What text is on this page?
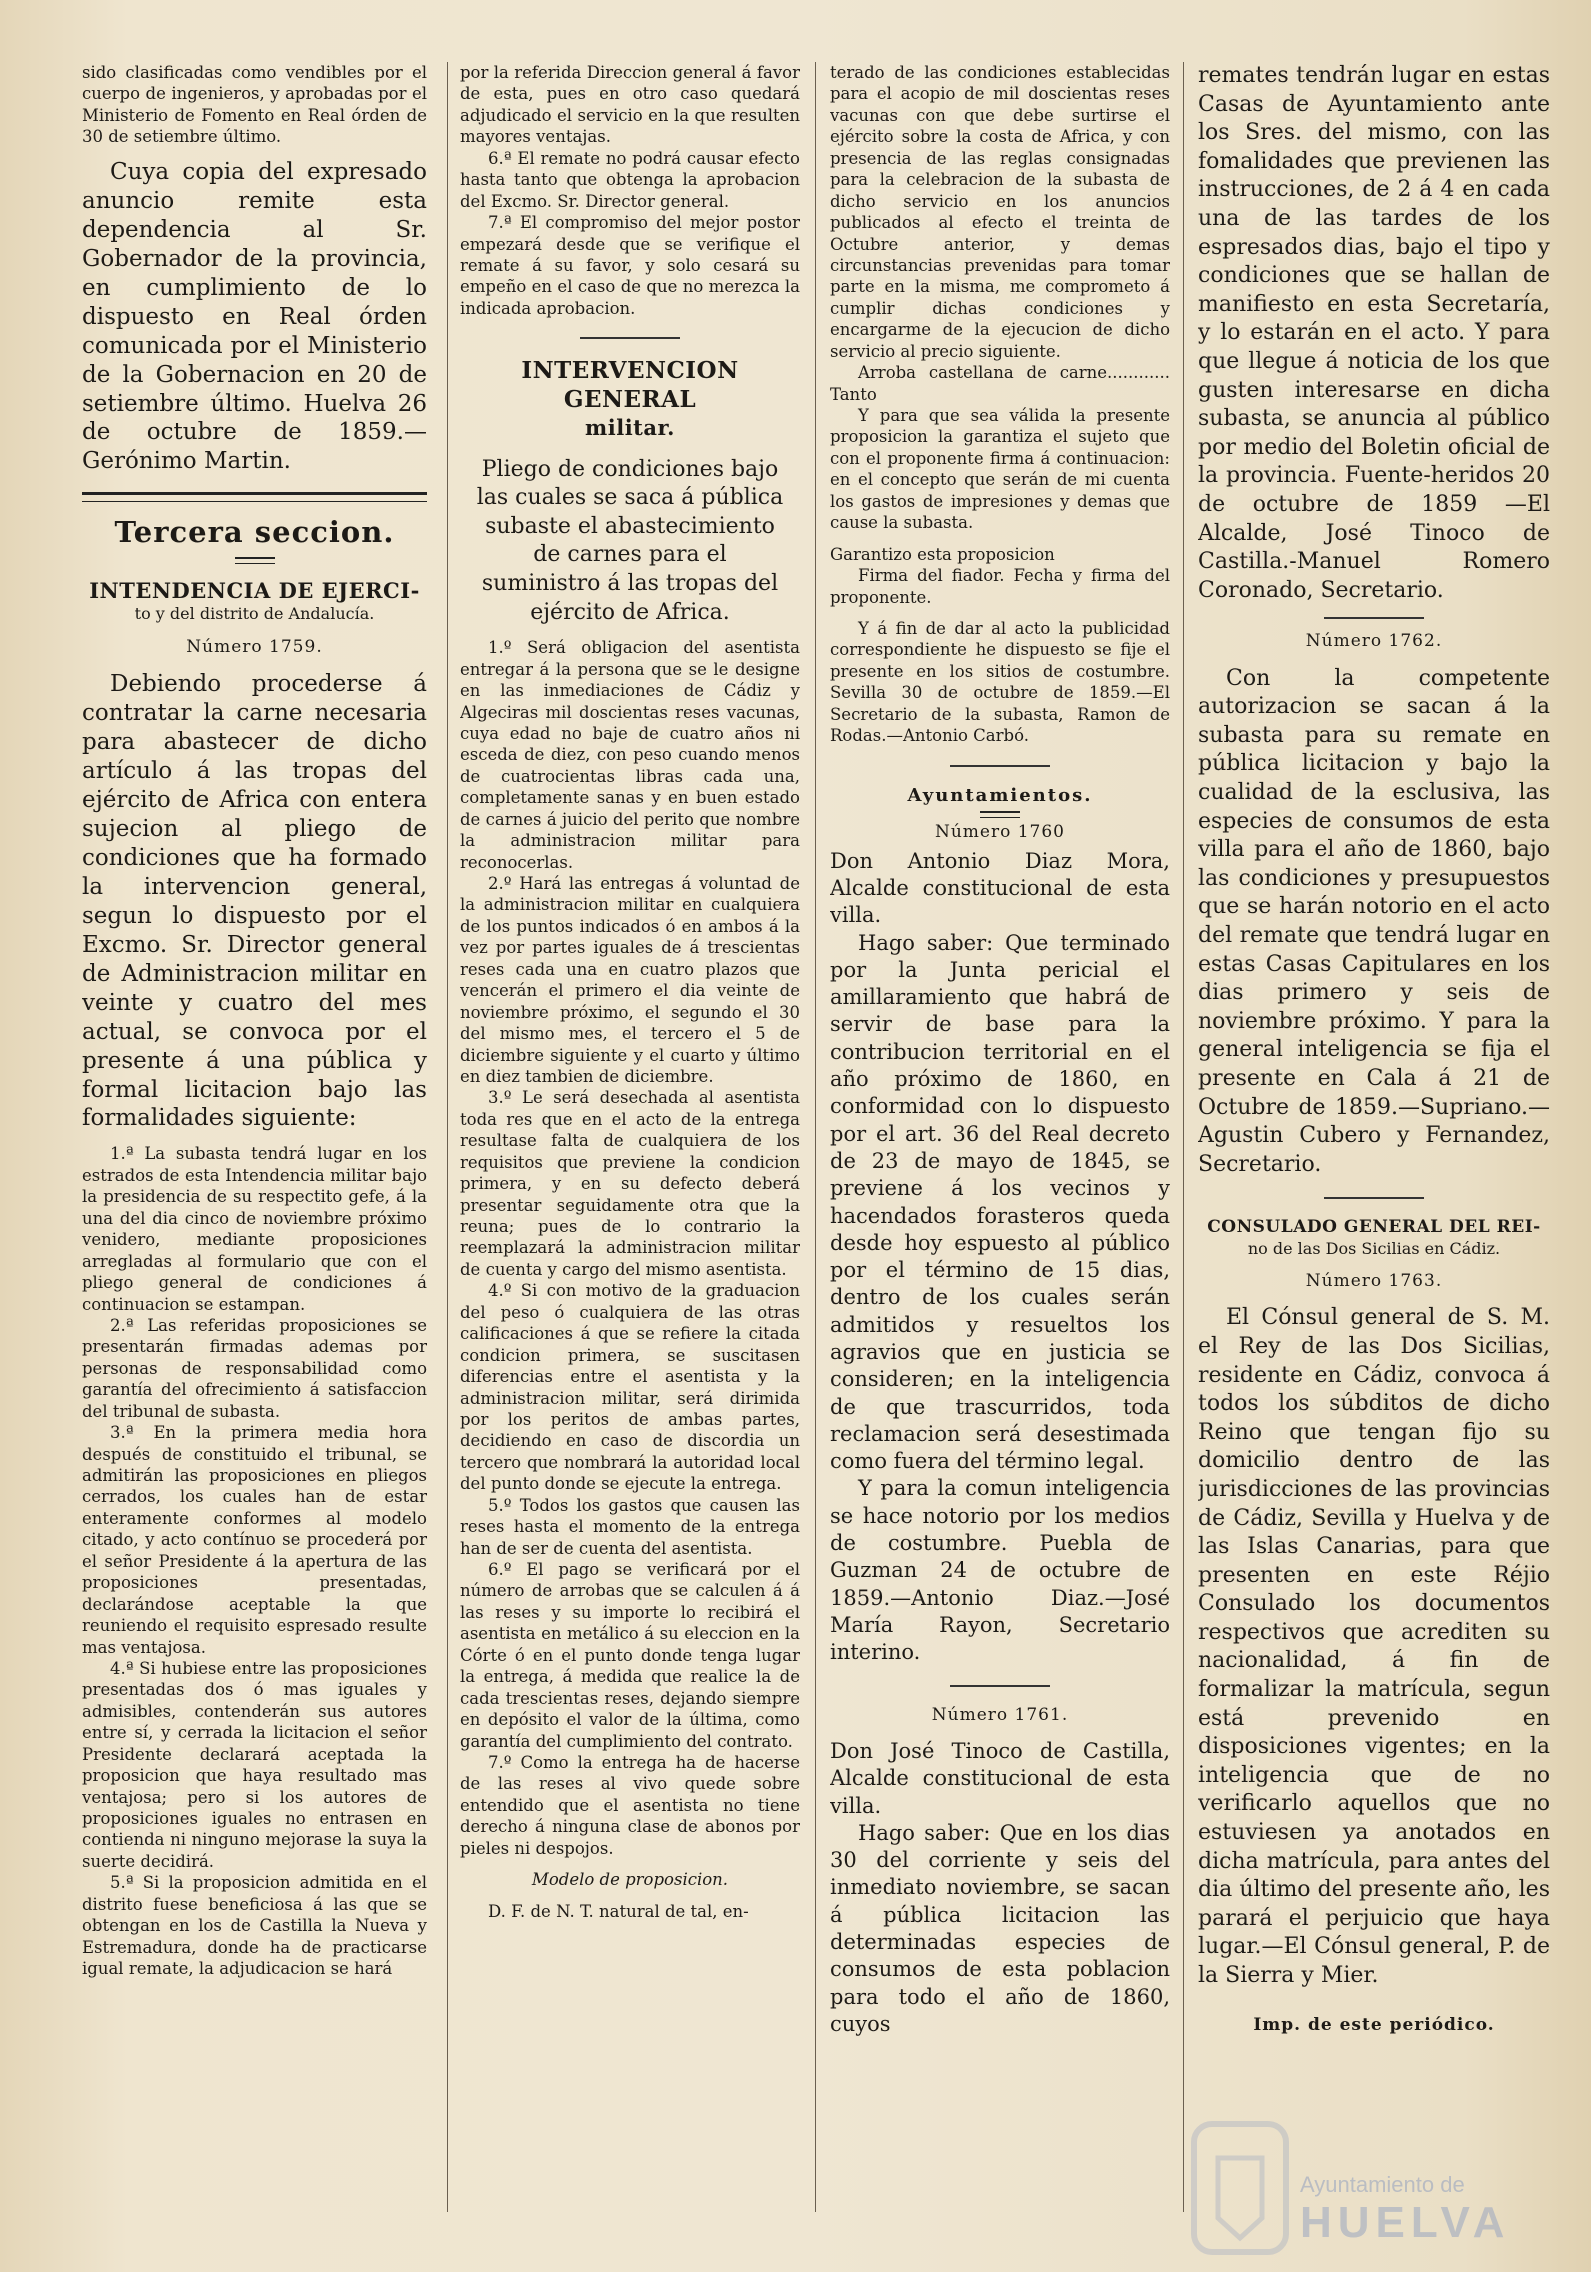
sido clasificadas como vendibles por el cuerpo de ingenieros, y aprobadas por el Ministerio de Fomento en Real órden de 30 de setiembre último.

Cuya copia del expresado anuncio remite esta dependencia al Sr. Gobernador de la provincia, en cumplimiento de lo dispuesto en Real órden comunicada por el Ministerio de la Gobernacion en 20 de setiembre último. Huelva 26 de octubre de 1859.—Gerónimo Martin.

Tercera seccion.

INTENDENCIA DE EJERCI-

to y del distrito de Andalucía.

Número 1759.

Debiendo procederse á contratar la carne necesaria para abastecer de dicho artículo á las tropas del ejército de Africa con entera sujecion al pliego de condiciones que ha formado la intervencion general, segun lo dispuesto por el Excmo. Sr. Director general de Administracion militar en veinte y cuatro del mes actual, se convoca por el presente á una pública y formal licitacion bajo las formalidades siguiente:

1.ª La subasta tendrá lugar en los estrados de esta Intendencia militar bajo la presidencia de su respectito gefe, á la una del dia cinco de noviembre próximo venidero, mediante proposiciones arregladas al formulario que con el pliego general de condiciones á continuacion se estampan.

2.ª Las referidas proposiciones se presentarán firmadas ademas por personas de responsabilidad como garantía del ofrecimiento á satisfaccion del tribunal de subasta.

3.ª En la primera media hora después de constituido el tribunal, se admitirán las proposiciones en pliegos cerrados, los cuales han de estar enteramente conformes al modelo citado, y acto contínuo se procederá por el señor Presidente á la apertura de las proposiciones presentadas, declarándose aceptable la que reuniendo el requisito espresado resulte mas ventajosa.

4.ª Si hubiese entre las proposiciones presentadas dos ó mas iguales y admisibles, contenderán sus autores entre sí, y cerrada la licitacion el señor Presidente declarará aceptada la proposicion que haya resultado mas ventajosa; pero si los autores de proposiciones iguales no entrasen en contienda ni ninguno mejorase la suya la suerte decidirá.

5.ª Si la proposicion admitida en el distrito fuese beneficiosa á las que se obtengan en los de Castilla la Nueva y Estremadura, donde ha de practicarse igual remate, la adjudicacion se hará

por la referida Direccion general á favor de esta, pues en otro caso quedará adjudicado el servicio en la que resulten mayores ventajas.

6.ª El remate no podrá causar efecto hasta tanto que obtenga la aprobacion del Excmo. Sr. Director general.

7.ª El compromiso del mejor postor empezará desde que se verifique el remate á su favor, y solo cesará su empeño en el caso de que no merezca la indicada aprobacion.

INTERVENCION GENERAL

militar.

Pliego de condiciones bajo las cuales se saca á pública subaste el abastecimiento de carnes para el suministro á las tropas del ejército de Africa.

1.º Será obligacion del asentista entregar á la persona que se le designe en las inmediaciones de Cádiz y Algeciras mil doscientas reses vacunas, cuya edad no baje de cuatro años ni esceda de diez, con peso cuando menos de cuatrocientas libras cada una, completamente sanas y en buen estado de carnes á juicio del perito que nombre la administracion militar para reconocerlas.

2.º Hará las entregas á voluntad de la administracion militar en cualquiera de los puntos indicados ó en ambos á la vez por partes iguales de á trescientas reses cada una en cuatro plazos que vencerán el primero el dia veinte de noviembre próximo, el segundo el 30 del mismo mes, el tercero el 5 de diciembre siguiente y el cuarto y último en diez tambien de diciembre.

3.º Le será desechada al asentista toda res que en el acto de la entrega resultase falta de cualquiera de los requisitos que previene la condicion primera, y en su defecto deberá presentar seguidamente otra que la reuna; pues de lo contrario la reemplazará la administracion militar de cuenta y cargo del mismo asentista.

4.º Si con motivo de la graduacion del peso ó cualquiera de las otras calificaciones á que se refiere la citada condicion primera, se suscitasen diferencias entre el asentista y la administracion militar, será dirimida por los peritos de ambas partes, decidiendo en caso de discordia un tercero que nombrará la autoridad local del punto donde se ejecute la entrega.

5.º Todos los gastos que causen las reses hasta el momento de la entrega han de ser de cuenta del asentista.

6.º El pago se verificará por el número de arrobas que se calculen á á las reses y su importe lo recibirá el asentista en metálico á su eleccion en la Córte ó en el punto donde tenga lugar la entrega, á medida que realice la de cada trescientas reses, dejando siempre en depósito el valor de la última, como garantía del cumplimiento del contrato.

7.º Como la entrega ha de hacerse de las reses al vivo quede sobre entendido que el asentista no tiene derecho á ninguna clase de abonos por pieles ni despojos.

Modelo de proposicion.

D. F. de N. T. natural de tal, en-

terado de las condiciones establecidas para el acopio de mil doscientas reses vacunas con que debe surtirse el ejército sobre la costa de Africa, y con presencia de las reglas consignadas para la celebracion de la subasta de dicho servicio en los anuncios publicados al efecto el treinta de Octubre anterior, y demas circunstancias prevenidas para tomar parte en la misma, me comprometo á cumplir dichas condiciones y encargarme de la ejecucion de dicho servicio al precio siguiente.

Arroba castellana de carne............ Tanto

Y para que sea válida la presente proposicion la garantiza el sujeto que con el proponente firma á continuacion: en el concepto que serán de mi cuenta los gastos de impresiones y demas que cause la subasta.

Garantizo esta proposicion

Firma del fiador. Fecha y firma del proponente.

Y á fin de dar al acto la publicidad correspondiente he dispuesto se fije el presente en los sitios de costumbre. Sevilla 30 de octubre de 1859.—El Secretario de la subasta, Ramon de Rodas.—Antonio Carbó.

Ayuntamientos.

Número 1760

Don Antonio Diaz Mora, Alcalde constitucional de esta villa.

Hago saber: Que terminado por la Junta pericial el amillaramiento que habrá de servir de base para la contribucion territorial en el año próximo de 1860, en conformidad con lo dispuesto por el art. 36 del Real decreto de 23 de mayo de 1845, se previene á los vecinos y hacendados forasteros queda desde hoy espuesto al público por el término de 15 dias, dentro de los cuales serán admitidos y resueltos los agravios que en justicia se consideren; en la inteligencia de que trascurridos, toda reclamacion será desestimada como fuera del término legal.

Y para la comun inteligencia se hace notorio por los medios de costumbre. Puebla de Guzman 24 de octubre de 1859.—Antonio Diaz.—José María Rayon, Secretario interino.

Número 1761.

Don José Tinoco de Castilla, Alcalde constitucional de esta villa.

Hago saber: Que en los dias 30 del corriente y seis del inmediato noviembre, se sacan á pública licitacion las determinadas especies de consumos de esta poblacion para todo el año de 1860, cuyos

remates tendrán lugar en estas Casas de Ayuntamiento ante los Sres. del mismo, con las fomalidades que previenen las instrucciones, de 2 á 4 en cada una de las tardes de los espresados dias, bajo el tipo y condiciones que se hallan de manifiesto en esta Secretaría, y lo estarán en el acto. Y para que llegue á noticia de los que gusten interesarse en dicha subasta, se anuncia al público por medio del Boletin oficial de la provincia. Fuente-heridos 20 de octubre de 1859 —El Alcalde, José Tinoco de Castilla.-Manuel Romero Coronado, Secretario.

Número 1762.

Con la competente autorizacion se sacan á la subasta para su remate en pública licitacion y bajo la cualidad de la esclusiva, las especies de consumos de esta villa para el año de 1860, bajo las condiciones y presupuestos que se harán notorio en el acto del remate que tendrá lugar en estas Casas Capitulares en los dias primero y seis de noviembre próximo. Y para la general inteligencia se fija el presente en Cala á 21 de Octubre de 1859.—Supriano.—Agustin Cubero y Fernandez, Secretario.

CONSULADO GENERAL DEL REI-

no de las Dos Sicilias en Cádiz.

Número 1763.

El Cónsul general de S. M. el Rey de las Dos Sicilias, residente en Cádiz, convoca á todos los súbditos de dicho Reino que tengan fijo su domicilio dentro de las jurisdicciones de las provincias de Cádiz, Sevilla y Huelva y de las Islas Canarias, para que presenten en este Réjio Consulado los documentos respectivos que acrediten su nacionalidad, á fin de formalizar la matrícula, segun está prevenido en disposiciones vigentes; en la inteligencia que de no verificarlo aquellos que no estuviesen ya anotados en dicha matrícula, para antes del dia último del presente año, les parará el perjuicio que haya lugar.—El Cónsul general, P. de la Sierra y Mier.

Imp. de este periódico.

Ayuntamiento de
HUELVA
